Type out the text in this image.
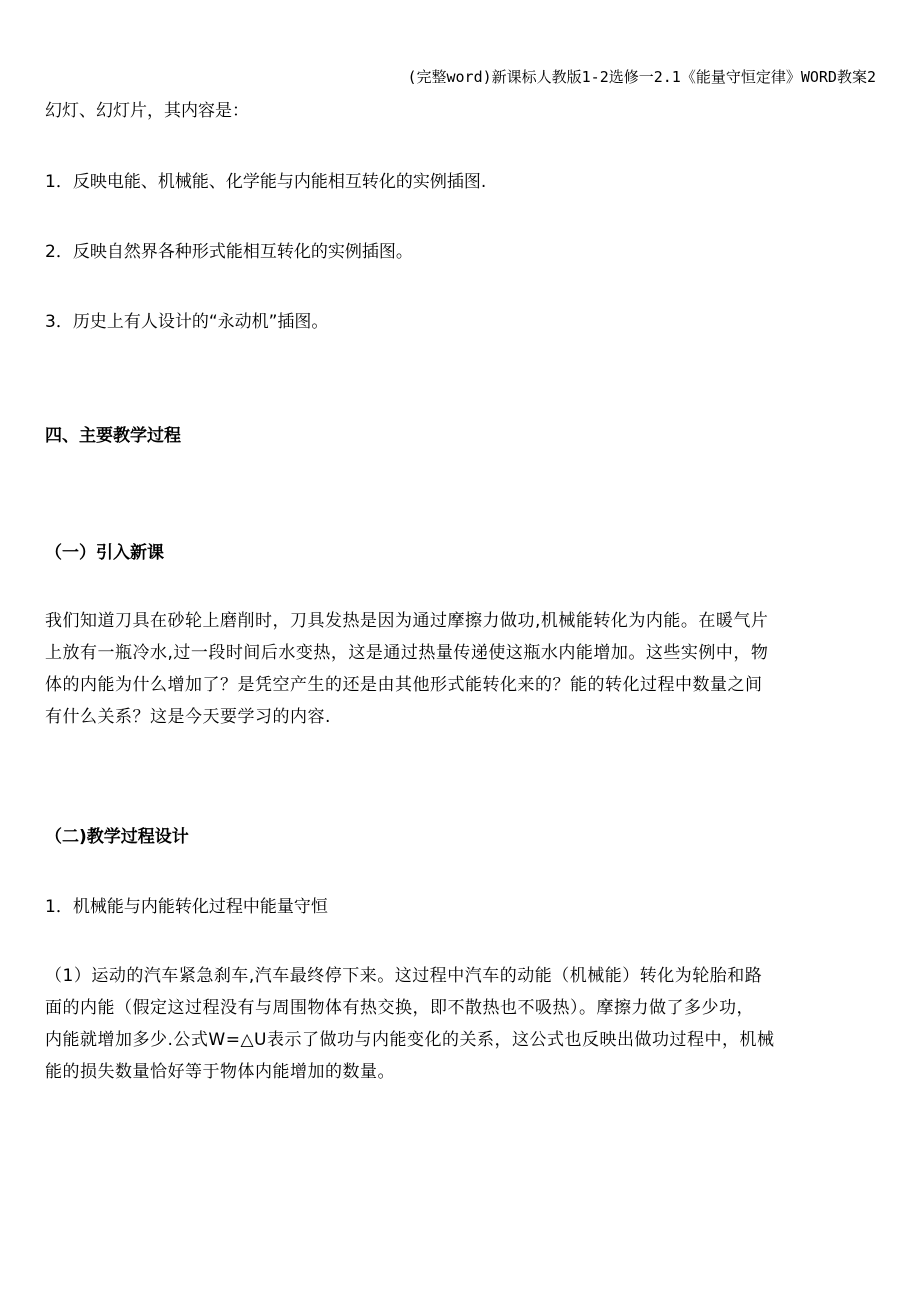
(完整word)新课标人教版1-2选修一2.1《能量守恒定律》WORD教案2
幻灯、幻灯片，其内容是：
1．反映电能、机械能、化学能与内能相互转化的实例插图.
2．反映自然界各种形式能相互转化的实例插图。
3．历史上有人设计的“永动机”插图。
四、主要教学过程
（一）引入新课
我们知道刀具在砂轮上磨削时，刀具发热是因为通过摩擦力做功,机械能转化为内能。在暖气片
上放有一瓶冷水,过一段时间后水变热，这是通过热量传递使这瓶水内能增加。这些实例中，物
体的内能为什么增加了？是凭空产生的还是由其他形式能转化来的？能的转化过程中数量之间
有什么关系？这是今天要学习的内容.
（二)教学过程设计
1．机械能与内能转化过程中能量守恒
（1）运动的汽车紧急刹车,汽车最终停下来。这过程中汽车的动能（机械能）转化为轮胎和路
面的内能（假定这过程没有与周围物体有热交换，即不散热也不吸热）。摩擦力做了多少功，
内能就增加多少.公式W=△U表示了做功与内能变化的关系，这公式也反映出做功过程中，机械
能的损失数量恰好等于物体内能增加的数量。
